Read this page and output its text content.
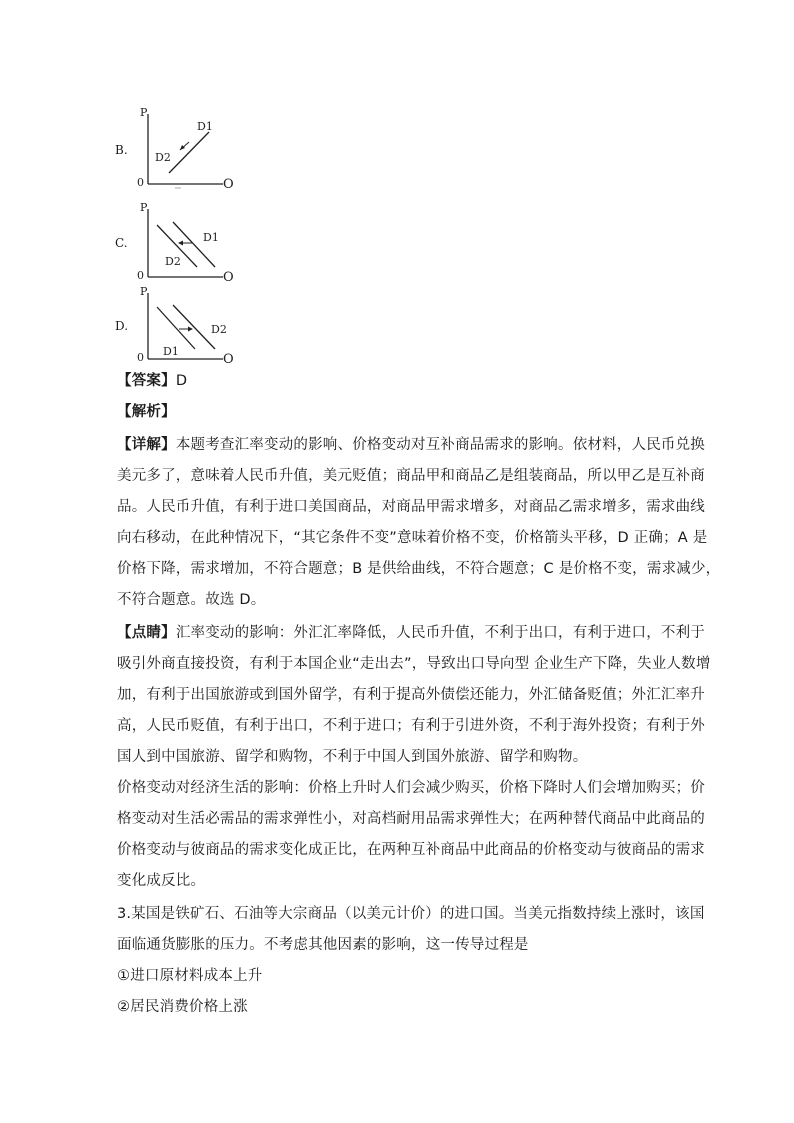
B.
P
0	O
D1
D2
C.
P
0	O
D1
D2
D.
P
0	O
D2
D1
【答案】D
【解析】
【详解】本题考查汇率变动的影响、价格变动对互补商品需求的影响。依材料，人民币兑换
美元多了，意味着人民币升值，美元贬值；商品甲和商品乙是组装商品，所以甲乙是互补商
品。人民币升值，有利于进口美国商品，对商品甲需求增多，对商品乙需求增多，需求曲线
向右移动，在此种情况下，“其它条件不变”意味着价格不变，价格箭头平移，D 正确；A 是
价格下降，需求增加，不符合题意；B 是供给曲线，不符合题意；C 是价格不变，需求减少，
不符合题意。故选 D。
【点睛】汇率变动的影响：外汇汇率降低，人民币升值，不利于出口，有利于进口，不利于
吸引外商直接投资，有利于本国企业“走出去”，导致出口导向型 企业生产下降，失业人数增
加，有利于出国旅游或到国外留学，有利于提高外债偿还能力，外汇储备贬值；外汇汇率升
高，人民币贬值，有利于出口，不利于进口；有利于引进外资，不利于海外投资；有利于外
国人到中国旅游、留学和购物，不利于中国人到国外旅游、留学和购物。
价格变动对经济生活的影响：价格上升时人们会减少购买，价格下降时人们会增加购买；价
格变动对生活必需品的需求弹性小，对高档耐用品需求弹性大；在两种替代商品中此商品的
价格变动与彼商品的需求变化成正比，在两种互补商品中此商品的价格变动与彼商品的需求
变化成反比。
3.某国是铁矿石、石油等大宗商品（以美元计价）的进口国。当美元指数持续上涨时，该国
面临通货膨胀的压力。不考虑其他因素的影响，这一传导过程是
①进口原材料成本上升
②居民消费价格上涨
